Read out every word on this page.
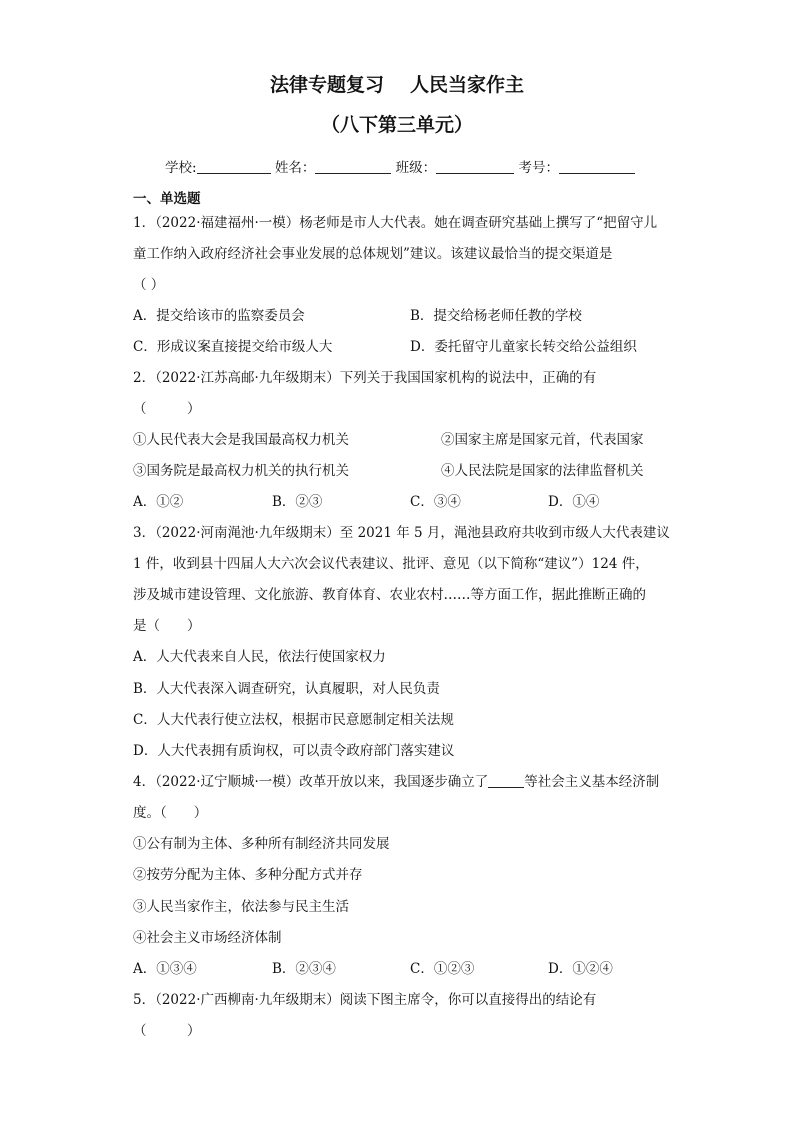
法律专题复习 人民当家作主
（八下第三单元）
学校:	姓名：	班级：	考号：
一、单选题
1．（2022·福建福州·一模）杨老师是市人大代表。她在调查研究基础上撰写了“把留守儿
童工作纳入政府经济社会事业发展的总体规划”建议。该建议最恰当的提交渠道是
（ ）
A．提交给该市的监察委员会	B．提交给杨老师任教的学校
C．形成议案直接提交给市级人大	D．委托留守儿童家长转交给公益组织
2．（2022·江苏高邮·九年级期末）下列关于我国国家机构的说法中，正确的有
（　　　）
①人民代表大会是我国最高权力机关	②国家主席是国家元首，代表国家
③国务院是最高权力机关的执行机关	④人民法院是国家的法律监督机关
A．①②	B．②③	C．③④	D．①④
3．（2022·河南渑池·九年级期末）至 2021 年 5 月，渑池县政府共收到市级人大代表建议
1 件，收到县十四届人大六次会议代表建议、批评、意见（以下简称“建议”）124 件，
涉及城市建设管理、文化旅游、教育体育、农业农村……等方面工作，据此推断正确的
是（　　）
A．人大代表来自人民，依法行使国家权力
B．人大代表深入调查研究，认真履职，对人民负责
C．人大代表行使立法权，根据市民意愿制定相关法规
D．人大代表拥有质询权，可以责令政府部门落实建议
4．（2022·辽宁顺城·一模）改革开放以来，我国逐步确立了	等社会主义基本经济制
度。（　　）
①公有制为主体、多种所有制经济共同发展
②按劳分配为主体、多种分配方式并存
③人民当家作主，依法参与民主生活
④社会主义市场经济体制
A．①③④	B．②③④	C．①②③	D．①②④
5．（2022·广西柳南·九年级期末）阅读下图主席令，你可以直接得出的结论有
（　　　）
